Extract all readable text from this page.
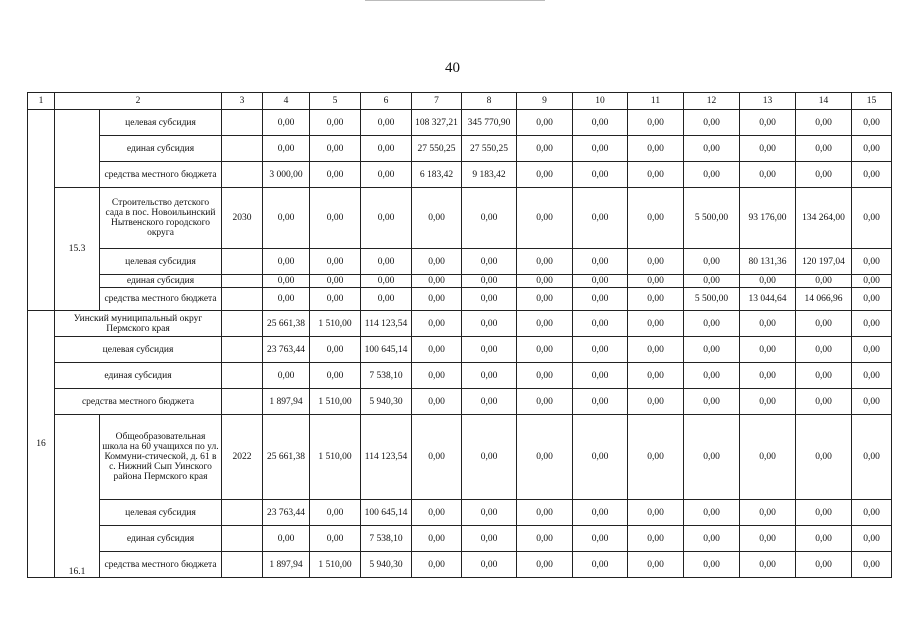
40
1	2		3	4	5	6	7	8	9	10	11	12	13	14	15
		целевая субсидия		0,00	0,00	0,00	108 327,21	345 770,90	0,00	0,00	0,00	0,00	0,00	0,00	0,00
		единая субсидия		0,00	0,00	0,00	27 550,25	27 550,25	0,00	0,00	0,00	0,00	0,00	0,00	0,00
		средства местного бюджета		3 000,00	0,00	0,00	6 183,42	9 183,42	0,00	0,00	0,00	0,00	0,00	0,00	0,00
	15.3	Строительство детского сада в пос. Новоильинский Нытвенского городского округа	2030	0,00	0,00	0,00	0,00	0,00	0,00	0,00	0,00	5 500,00	93 176,00	134 264,00	0,00
		целевая субсидия		0,00	0,00	0,00	0,00	0,00	0,00	0,00	0,00	0,00	80 131,36	120 197,04	0,00
		единая субсидия		0,00	0,00	0,00	0,00	0,00	0,00	0,00	0,00	0,00	0,00	0,00	0,00
		средства местного бюджета		0,00	0,00	0,00	0,00	0,00	0,00	0,00	0,00	5 500,00	13 044,64	14 066,96	0,00
16	Уинский муниципальный округ Пермского края			25 661,38	1 510,00	114 123,54	0,00	0,00	0,00	0,00	0,00	0,00	0,00	0,00	0,00
	целевая субсидия			23 763,44	0,00	100 645,14	0,00	0,00	0,00	0,00	0,00	0,00	0,00	0,00	0,00
	единая субсидия			0,00	0,00	7 538,10	0,00	0,00	0,00	0,00	0,00	0,00	0,00	0,00	0,00
	средства местного бюджета			1 897,94	1 510,00	5 940,30	0,00	0,00	0,00	0,00	0,00	0,00	0,00	0,00	0,00
	16.1	Общеобразовательная школа на 60 учащихся по ул. Коммуни-стической, д. 61 в с. Нижний Сып Уинского района Пермского края	2022	25 661,38	1 510,00	114 123,54	0,00	0,00	0,00	0,00	0,00	0,00	0,00	0,00	0,00
		целевая субсидия		23 763,44	0,00	100 645,14	0,00	0,00	0,00	0,00	0,00	0,00	0,00	0,00	0,00
		единая субсидия		0,00	0,00	7 538,10	0,00	0,00	0,00	0,00	0,00	0,00	0,00	0,00	0,00
		средства местного бюджета		1 897,94	1 510,00	5 940,30	0,00	0,00	0,00	0,00	0,00	0,00	0,00	0,00	0,00
